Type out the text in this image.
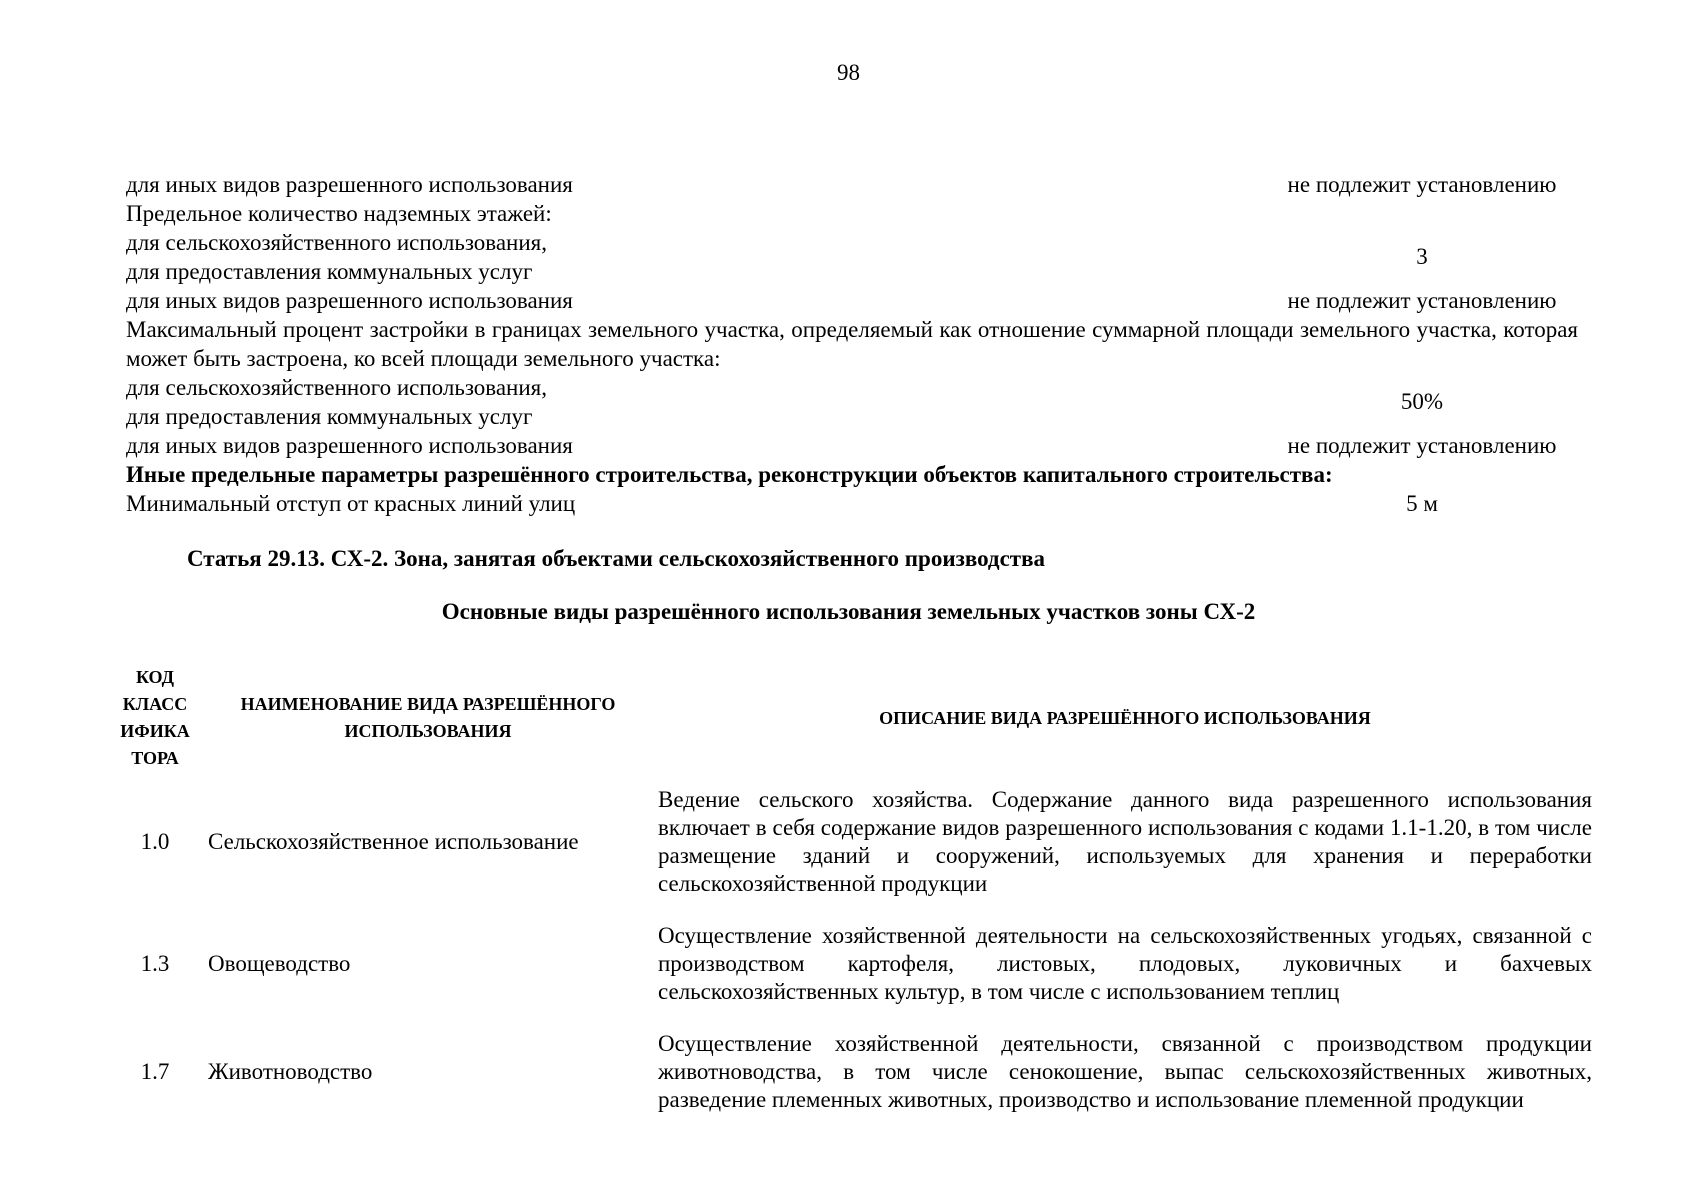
98
для иных видов разрешенного использования	не подлежит установлению
Предельное количество надземных этажей:
для сельскохозяйственного использования,
для предоставления коммунальных услуг
3
для иных видов разрешенного использования	не подлежит установлению
Максимальный процент застройки в границах земельного участка, определяемый как отношение суммарной площади земельного участка, которая может быть застроена, ко всей площади земельного участка:
для сельскохозяйственного использования,
для предоставления коммунальных услуг
50%
для иных видов разрешенного использования	не подлежит установлению
Иные предельные параметры разрешённого строительства, реконструкции объектов капитального строительства:
Минимальный отступ от красных линий улиц	5 м
Статья 29.13. СХ-2. Зона, занятая объектами сельскохозяйственного производства
Основные виды разрешённого использования земельных участков зоны СХ-2
КОД
КЛАСС
ИФИКА
ТОРА	НАИМЕНОВАНИЕ ВИДА РАЗРЕШЁННОГО ИСПОЛЬЗОВАНИЯ	ОПИСАНИЕ ВИДА РАЗРЕШЁННОГО ИСПОЛЬЗОВАНИЯ
1.0	Сельскохозяйственное использование	Ведение сельского хозяйства. Содержание данного вида разрешенного использования включает в себя содержание видов разрешенного использования с кодами 1.1-1.20, в том числе размещение зданий и сооружений, используемых для хранения и переработки сельскохозяйственной продукции
1.3	Овощеводство	Осуществление хозяйственной деятельности на сельскохозяйственных угодьях, связанной с производством картофеля, листовых, плодовых, луковичных и бахчевых сельскохозяйственных культур, в том числе с использованием теплиц
1.7	Животноводство	Осуществление хозяйственной деятельности, связанной с производством продукции животноводства, в том числе сенокошение, выпас сельскохозяйственных животных, разведение племенных животных, производство и использование племенной продукции
